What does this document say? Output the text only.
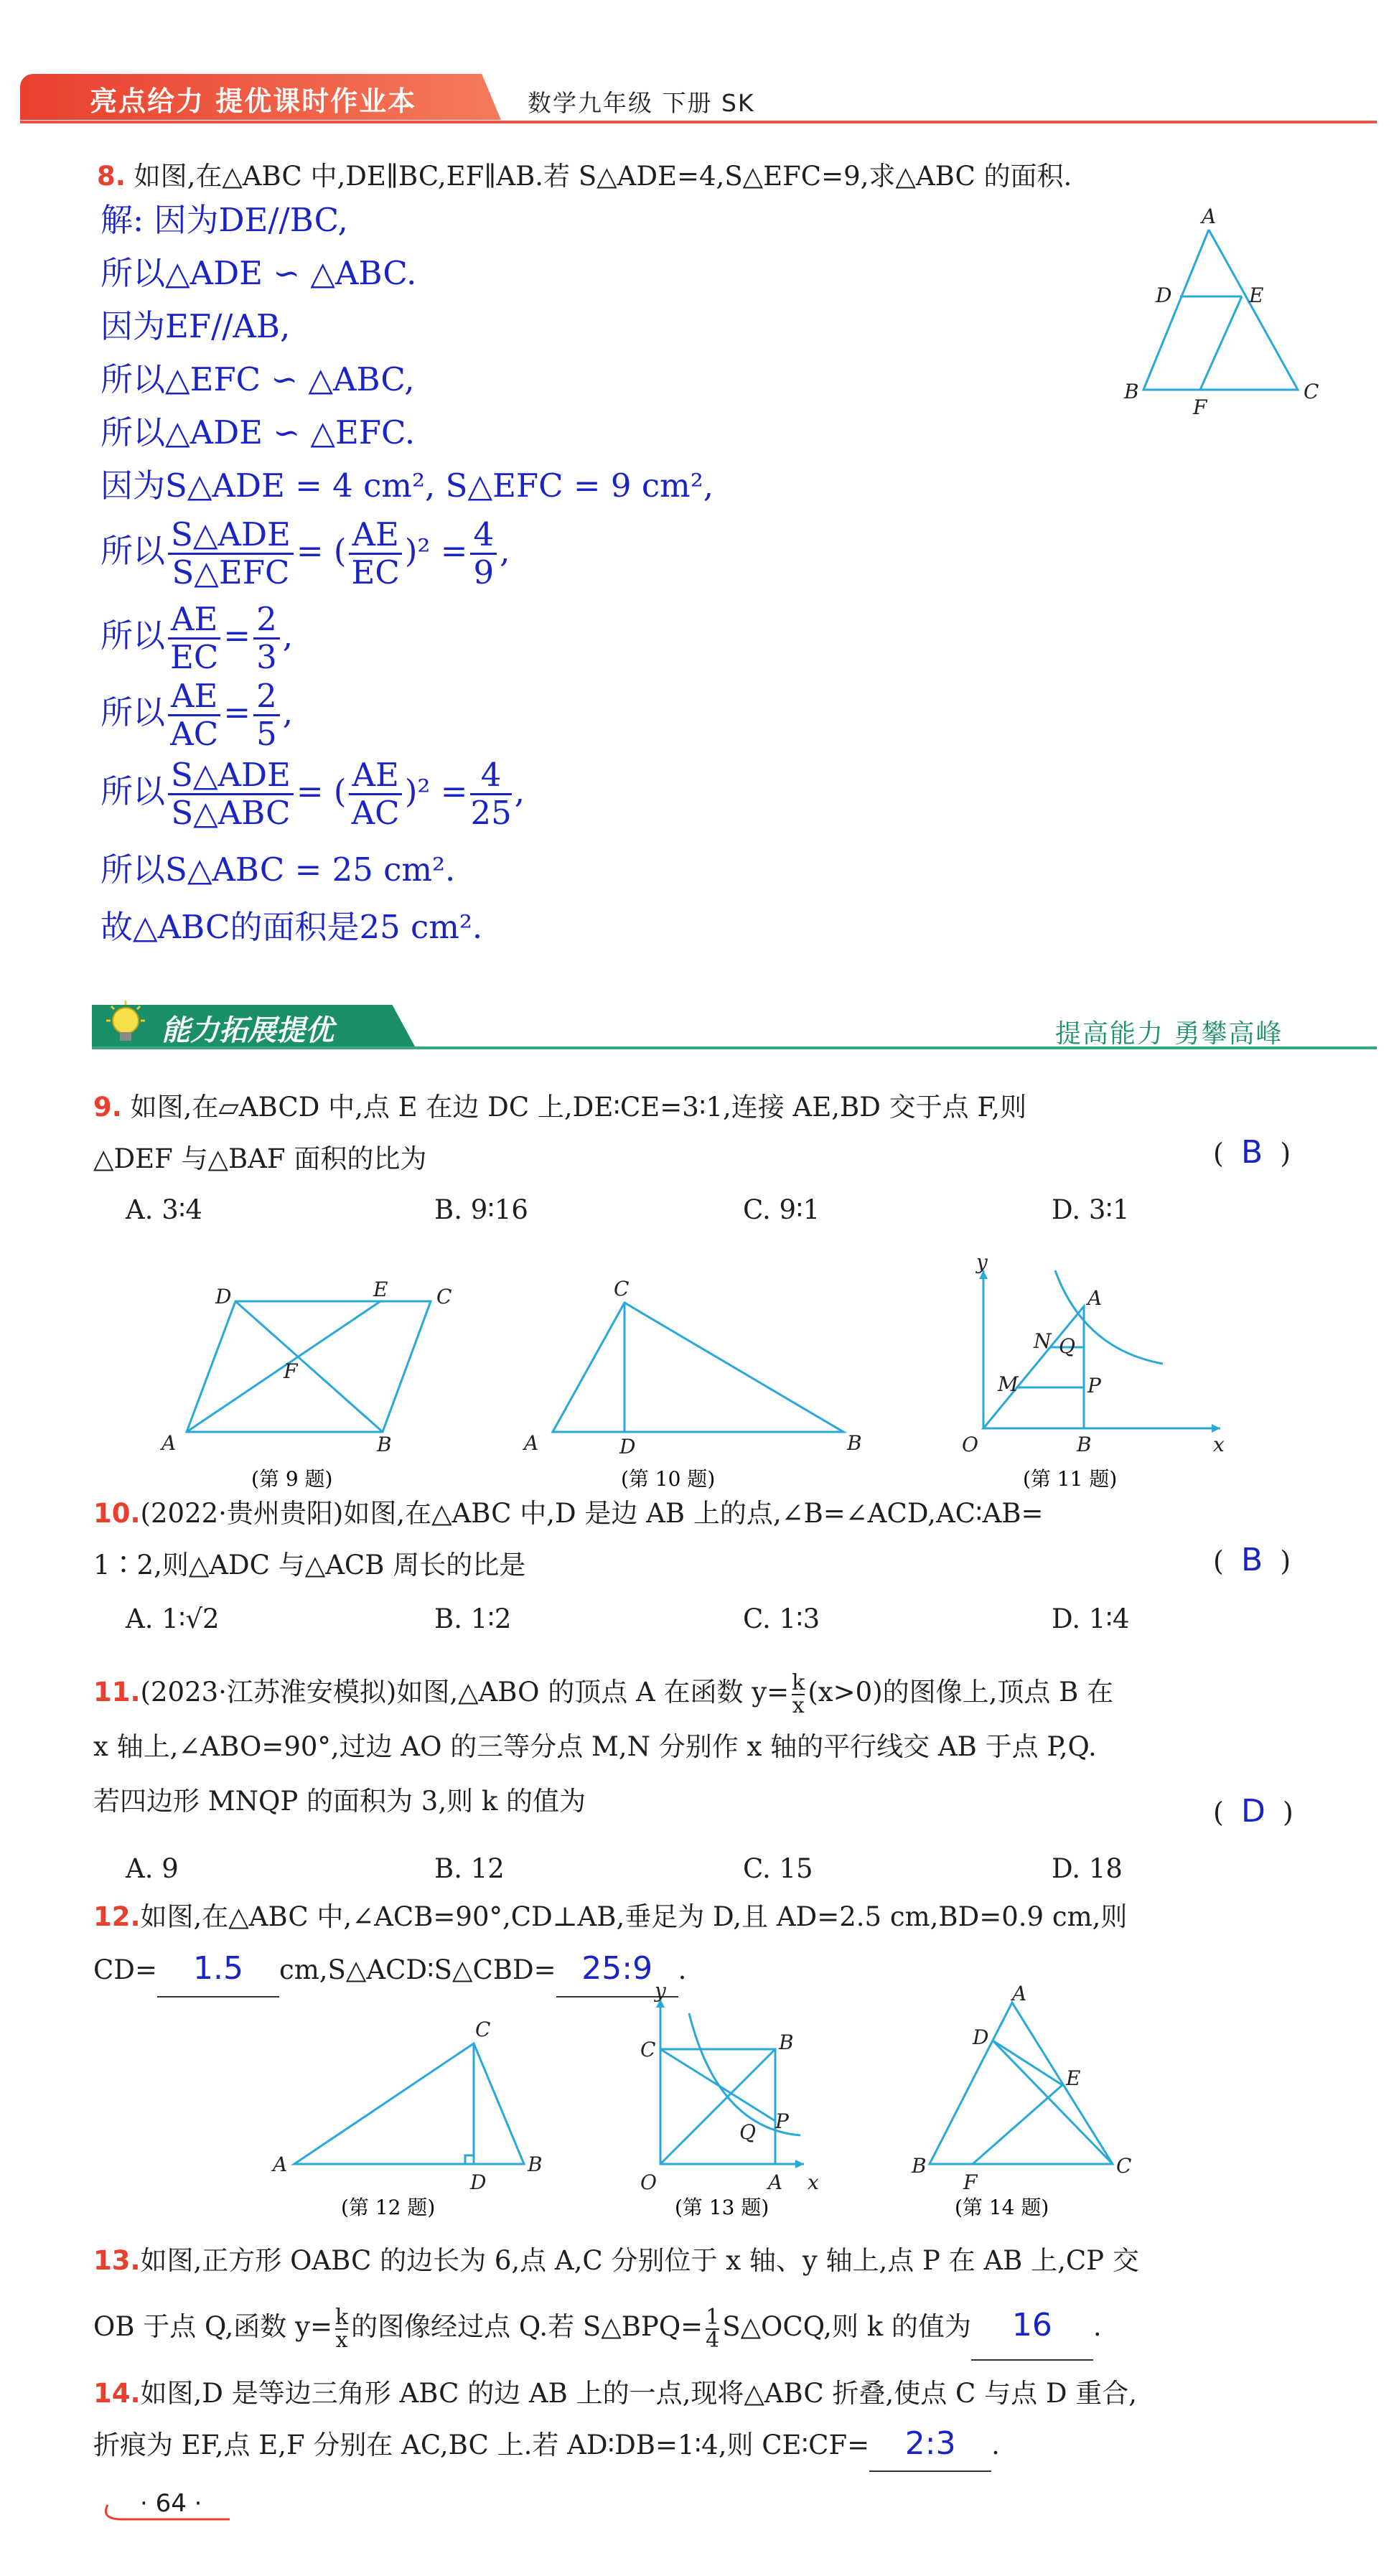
亮点给力 提优课时作业本	数学九年级 下册 SK
8. 如图,在△ABC 中,DE∥BC,EF∥AB.若 S△ADE=4,S△EFC=9,求△ABC 的面积.
解: 因为DE//BC,
所以△ADE ∽ △ABC.
因为EF//AB,
所以△EFC ∽ △ABC,
所以△ADE ∽ △EFC.
因为S△ADE = 4 cm², S△EFC = 9 cm²,
所以 $\frac{\text{S△ADE}}{\text{S△EFC}}$ = ( $\frac{AE}{EC} )^2 = \frac{4}{9}$ ,
所以 $\frac{AE}{EC} = \frac{2}{3}$ ,
所以 $\frac{AE}{AC} = \frac{2}{5}$ ,
所以 $\frac{\text{S△ADE}}{\text{S△ABC}}$ = ( $\frac{AE}{AC} )^2 = \frac{4}{25}$ ,
所以S△ABC = 25 cm².
故△ABC的面积是25 cm².
A
D	E
B
F
C
能力拓展提优	提高能力 勇攀高峰
9. 如图,在▱ABCD 中,点 E 在边 DC 上,DE∶CE=3∶1,连接 AE,BD 交于点 F,则
△DEF 与△BAF 面积的比为	(  B  )
A. 3∶4	B. 9∶16	C. 9∶1	D. 3∶1
D	E C
A
F
B
C
A	D	B
y
A
Q
N
P
M
O	B	x
(第 9 题)	(第 10 题)	(第 11 题)
10.(2022·贵州贵阳)如图,在△ABC 中,D 是边 AB 上的点,∠B=∠ACD,AC∶AB=
1∶2,则△ADC 与△ACB 周长的比是	(  B  )
A. 1∶√2	B. 1∶2	C. 1∶3	D. 1∶4
11.(2023·江苏淮安模拟)如图,△ABO 的顶点 A 在函数 $y= \frac{k}{x} (x>0)$的图像上,顶点 B 在
x 轴上,∠ABO=90°,过边 AO 的三等分点 M,N 分别作 x 轴的平行线交 AB 于点 P,Q.
若四边形 MNQP 的面积为 3,则 k 的值为	(  D  )
A. 9	B. 12	C. 15	D. 18
12.如图,在△ABC 中,∠ACB=90°,CD⊥AB,垂足为 D,且 AD=2.5 cm,BD=0.9 cm,则
CD= 1.5 cm,S△ACD∶S△CBD= 25:9 .
C
A	B
D
y
C	B
P
Q
O	A x
A
D
E
B	C
F
(第 12 题)	(第 13 题)	(第 14 题)
13.如图,正方形 OABC 的边长为 6,点 A,C 分别位于 x 轴、y 轴上,点 P 在 AB 上,CP 交
OB 于点 Q,函数 $y= \frac{k}{x}$ 的图像经过点 Q.若 S△BPQ= $\frac{1}{4}$ S△OCQ,则 k 的值为 16 .
14.如图,D 是等边三角形 ABC 的边 AB 上的一点,现将△ABC 折叠,使点 C 与点 D 重合,
折痕为 EF,点 E,F 分别在 AC,BC 上.若 AD∶DB=1∶4,则 CE∶CF= 2:3 .
· 64 ·
